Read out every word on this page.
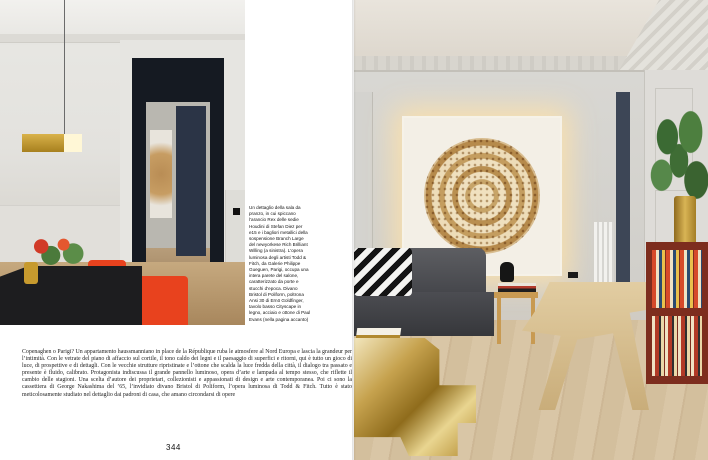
Un dettaglio della sala da pranzo, in cui spiccano l’arancio Rex delle sedie Houdini di Stefan Diez per e15 e i bagliori metallici della sospensione Branch Large del newyorkese Rich Brilliant Willing (a sinistra). L’opera luminosa degli artisti Todd & Fitch, da Galerie Philippe Gueguen, Parigi, occupa una intera parete del salone, caratterizzato da porte e stucchi d’epoca. Divano Bristol di Poliform, poltrona Ansi 30 di Ernö Goldfinger, tavolo basso Cityscape in legno, acciaio e ottone di Paul Evans (nella pagina accanto)
Copenaghen o Parigi? Un appartamento haussmanniano in place de la République ruba le atmosfere al Nord Europa e lascia la grandeur per l’intimità. Con le vetrate del piano di affaccio sul cortile, il tono caldo dei legni e il paesaggio di superfici e ritorni, qui è tutto un gioco di luce, di prospettive e di dettagli. Con le vecchie strutture ripristinate e l’ottone che scalda la luce fredda della città, il dialogo tra passato e presente è fluido, calibrato. Protagonista indiscussa il grande pannello luminoso, opera d’arte e lampada al tempo stesso, che riflette il cambio delle stagioni. Una scelta d’autore dei proprietari, collezionisti e appassionati di design e arte contemporanea. Poi ci sono la cassettiera di George Nakashima del ’65, l’invidiato divano Bristol di Poliform, l’opera luminosa di Todd & Fitch. Tutto è stato meticolosamente studiato nel dettaglio dai padroni di casa, che amano circondarsi di opere
344
